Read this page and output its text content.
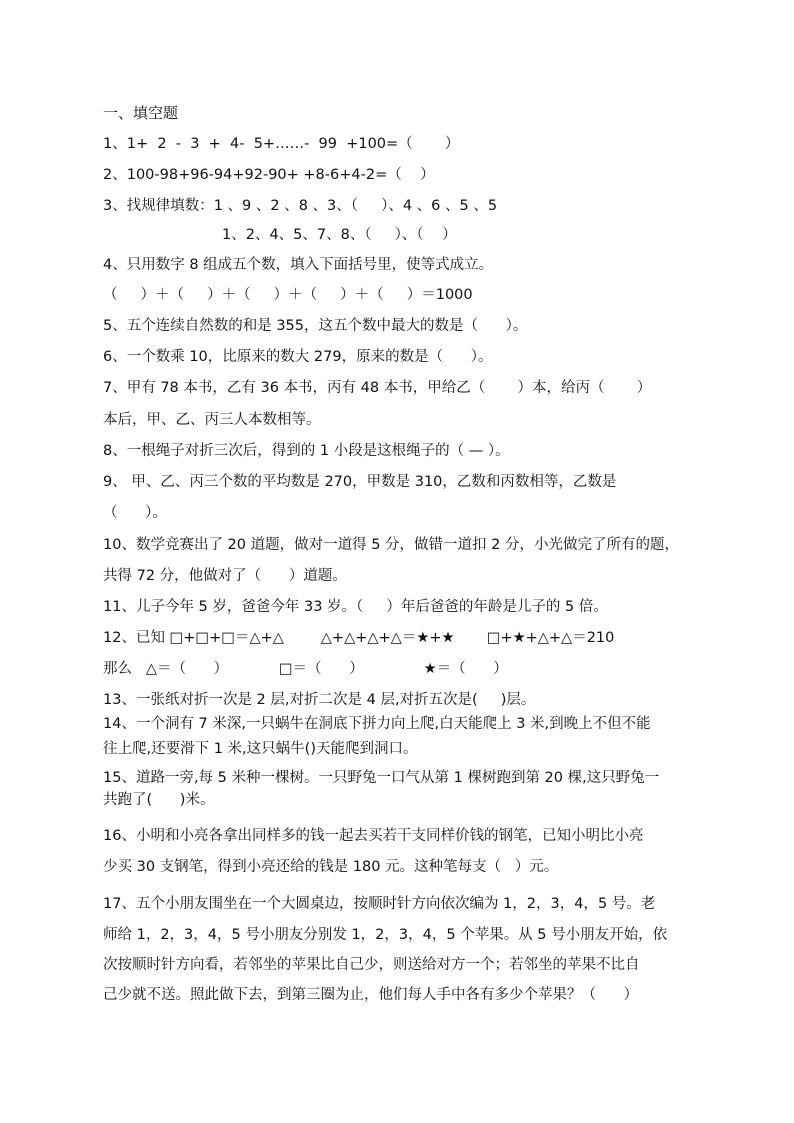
一、填空题
1、1+  2  -  3  +  4-  5+……-  99  +100=（       ）
2、100-98+96-94+92-90+ +8-6+4-2=（    ）
3、找规律填数：1 、9 、2 、8 、3、（     ）、4 、6 、5 、5
1、2、4、5、7、8、（     ）、（    ）
4、只用数字 8 组成五个数，填入下面括号里，使等式成立。
（     ）＋（     ）＋（     ）＋（     ）＋（     ）＝1000
5、五个连续自然数的和是 355，这五个数中最大的数是（      ）。
6、一个数乘 10，比原来的数大 279，原来的数是（      ）。
7、甲有 78 本书，乙有 36 本书，丙有 48 本书，甲给乙（       ）本，给丙（       ）
本后，甲、乙、丙三人本数相等。
8、一根绳子对折三次后，得到的 1 小段是这根绳子的（ — ）。
9、 甲、乙、丙三个数的平均数是 270，甲数是 310，乙数和丙数相等，乙数是
（      ）。
10、数学竞赛出了 20 道题，做对一道得 5 分，做错一道扣 2 分，小光做完了所有的题，
共得 72 分，他做对了（      ）道题。
11、儿子今年 5 岁，爸爸今年 33 岁。（     ）年后爸爸的年龄是儿子的 5 倍。
12、已知 □+□+□＝△+△        △+△+△+△＝★+★       □+★+△+△＝210
那么   △＝（      ）           □＝（      ）             ★＝（      ）
13、一张纸对折一次是 2 层,对折二次是 4 层,对折五次是(     )层。
14、一个洞有 7 米深,一只蜗牛在洞底下拼力向上爬,白天能爬上 3 米,到晚上不但不能
往上爬,还要滑下 1 米,这只蜗牛()天能爬到洞口。
15、道路一旁,每 5 米种一棵树。一只野兔一口气从第 1 棵树跑到第 20 棵,这只野兔一
共跑了(      )米。
16、小明和小亮各拿出同样多的钱一起去买若干支同样价钱的钢笔，已知小明比小亮
少买 30 支钢笔，得到小亮还给的钱是 180 元。这种笔每支（   ）元。
17、五个小朋友围坐在一个大圆桌边，按顺时针方向依次编为 1，2，3，4，5 号。老
师给 1，2，3，4，5 号小朋友分别发 1，2，3，4，5 个苹果。从 5 号小朋友开始，依
次按顺时针方向看，若邻坐的苹果比自己少，则送给对方一个；若邻坐的苹果不比自
己少就不送。照此做下去，到第三圈为止，他们每人手中各有多少个苹果？（      ）
